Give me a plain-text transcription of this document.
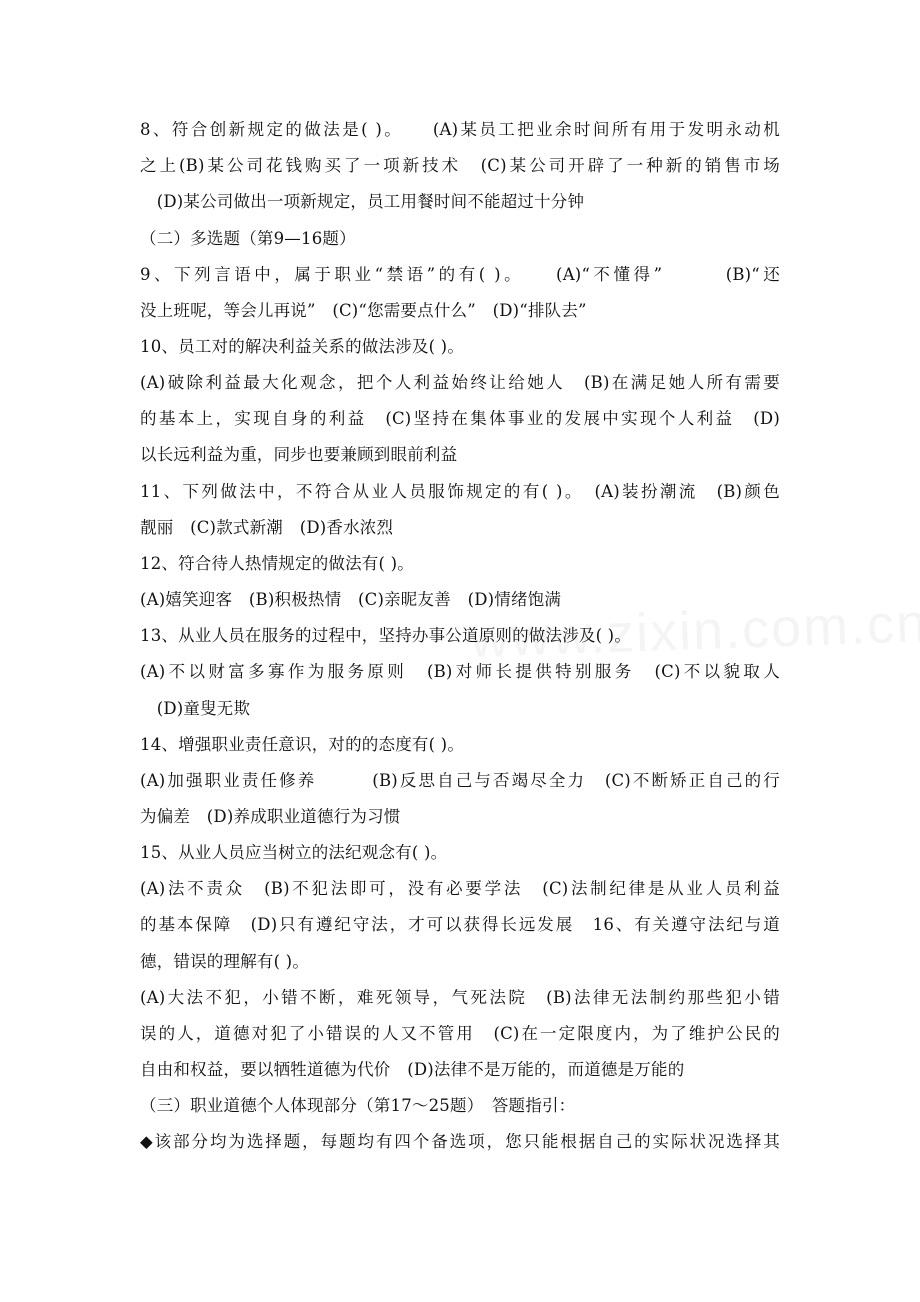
8、符合创新规定的做法是( )。　　(A)某员工把业余时间所有用于发明永动机
之上(B)某公司花钱购买了一项新技术　(C)某公司开辟了一种新的销售市场
　(D)某公司做出一项新规定，员工用餐时间不能超过十分钟
（二）多选题（第9—16题）
9、下列言语中，属于职业“禁语”的有( )。　　(A)“不懂得”　　　(B)“还
没上班呢，等会儿再说”　(C)“您需要点什么”　(D)“排队去”
10、员工对的解决利益关系的做法涉及( )。
(A)破除利益最大化观念，把个人利益始终让给她人　(B)在满足她人所有需要
的基本上，实现自身的利益　(C)坚持在集体事业的发展中实现个人利益　(D)
以长远利益为重，同步也要兼顾到眼前利益
11、下列做法中，不符合从业人员服饰规定的有( )。　(A)装扮潮流　(B)颜色
靓丽　(C)款式新潮　(D)香水浓烈
12、符合待人热情规定的做法有( )。
(A)嬉笑迎客　(B)积极热情　(C)亲昵友善　(D)情绪饱满
13、从业人员在服务的过程中，坚持办事公道原则的做法涉及( )。
(A)不以财富多寡作为服务原则　(B)对师长提供特别服务　(C)不以貌取人
　(D)童叟无欺
14、增强职业责任意识，对的的态度有( )。
(A)加强职业责任修养　　　(B)反思自己与否竭尽全力　(C)不断矫正自己的行
为偏差　(D)养成职业道德行为习惯
15、从业人员应当树立的法纪观念有( )。
(A)法不责众　(B)不犯法即可，没有必要学法　(C)法制纪律是从业人员利益
的基本保障　(D)只有遵纪守法，才可以获得长远发展　16、有关遵守法纪与道
德，错误的理解有( )。
(A)大法不犯，小错不断，难死领导，气死法院　(B)法律无法制约那些犯小错
误的人，道德对犯了小错误的人又不管用　(C)在一定限度内，为了维护公民的
自由和权益，要以牺牲道德为代价　(D)法律不是万能的，而道德是万能的
（三）职业道德个人体现部分（第17～25题）　答题指引：
◆该部分均为选择题，每题均有四个备选项，您只能根据自己的实际状况选择其
